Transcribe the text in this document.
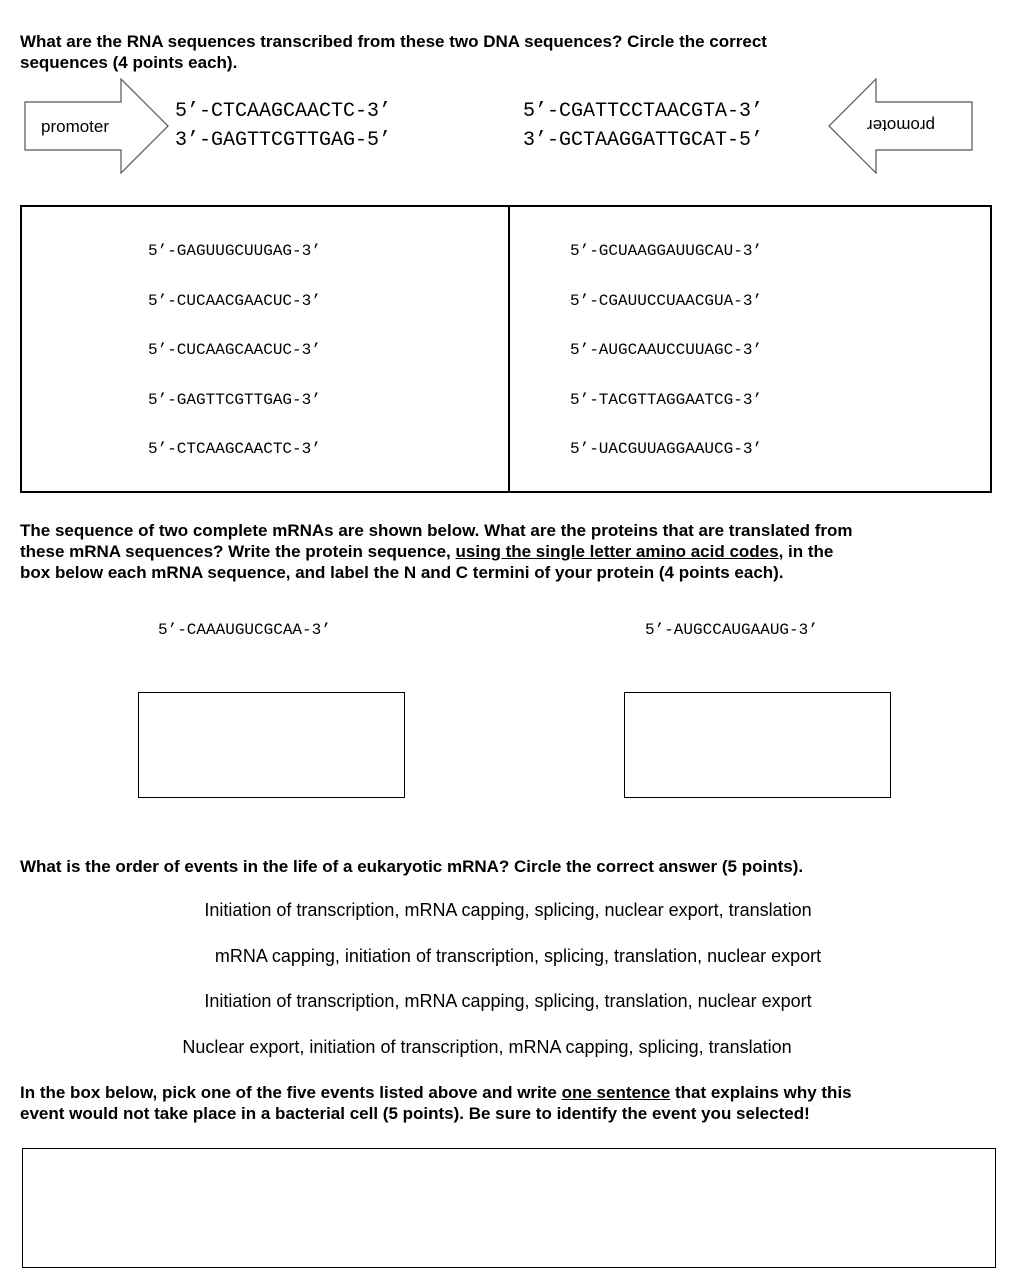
What are the RNA sequences transcribed from these two DNA sequences? Circle the correct
sequences (4 points each).
promoter
5’-CTCAAGCAACTC-3’
3’-GAGTTCGTTGAG-5’
5’-CGATTCCTAACGTA-3’
3’-GCTAAGGATTGCAT-5’
promoter
5’-GAGUUGCUUGAG-3’
5’-CUCAACGAACUC-3’
5’-CUCAAGCAACUC-3’
5’-GAGTTCGTTGAG-3’
5’-CTCAAGCAACTC-3’
5’-GCUAAGGAUUGCAU-3’
5’-CGAUUCCUAACGUA-3’
5’-AUGCAAUCCUUAGC-3’
5’-TACGTTAGGAATCG-3’
5’-UACGUUAGGAAUCG-3’
The sequence of two complete mRNAs are shown below. What are the proteins that are translated from
these mRNA sequences? Write the protein sequence, using the single letter amino acid codes, in the
box below each mRNA sequence, and label the N and C termini of your protein (4 points each).
5’-CAAAUGUCGCAA-3’	5’-AUGCCAUGAAUG-3’
What is the order of events in the life of a eukaryotic mRNA? Circle the correct answer (5 points).
Initiation of transcription, mRNA capping, splicing, nuclear export, translation
mRNA capping, initiation of transcription, splicing, translation, nuclear export
Initiation of transcription, mRNA capping, splicing, translation, nuclear export
Nuclear export, initiation of transcription, mRNA capping, splicing, translation
In the box below, pick one of the five events listed above and write one sentence that explains why this
event would not take place in a bacterial cell (5 points). Be sure to identify the event you selected!
